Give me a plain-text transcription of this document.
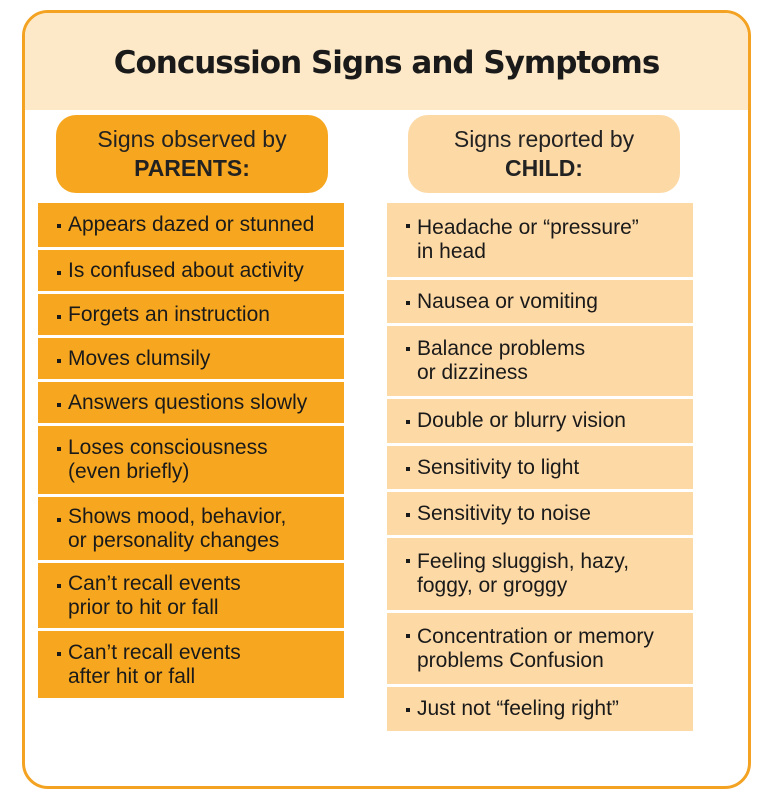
Concussion Signs and Symptoms
Signs observed by
PARENTS:
Signs reported by
CHILD:
Appears dazed or stunned
Is confused about activity
Forgets an instruction
Moves clumsily
Answers questions slowly
Loses consciousness
(even briefly)
Shows mood, behavior,
or personality changes
Can’t recall events
prior to hit or fall
Can’t recall events
after hit or fall
Headache or “pressure”
in head
Nausea or vomiting
Balance problems
or dizziness
Double or blurry vision
Sensitivity to light
Sensitivity to noise
Feeling sluggish, hazy,
foggy, or groggy
Concentration or memory
problems Confusion
Just not “feeling right”
